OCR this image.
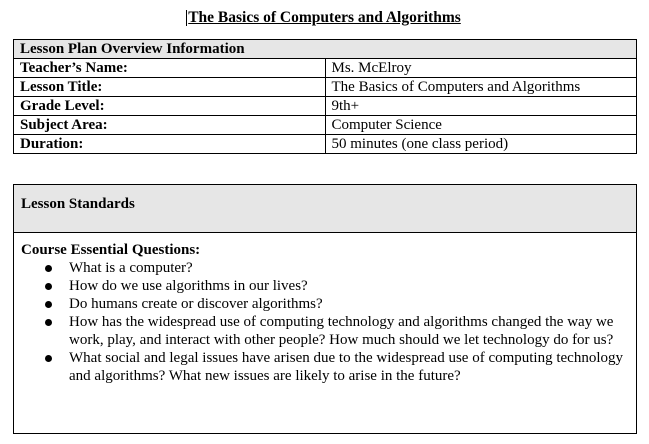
The Basics of Computers and Algorithms
Lesson Plan Overview Information	
Teacher’s Name:	Ms. McElroy
Lesson Title:	The Basics of Computers and Algorithms
Grade Level:	9th+
Subject Area:	Computer Science
Duration:	50 minutes (one class period)
Lesson Standards
Course Essential Questions:
What is a computer?
How do we use algorithms in our lives?
Do humans create or discover algorithms?
How has the widespread use of computing technology and algorithms changed the way we work, play, and interact with other people? How much should we let technology do for us?
What social and legal issues have arisen due to the widespread use of computing technology and algorithms? What new issues are likely to arise in the future?
